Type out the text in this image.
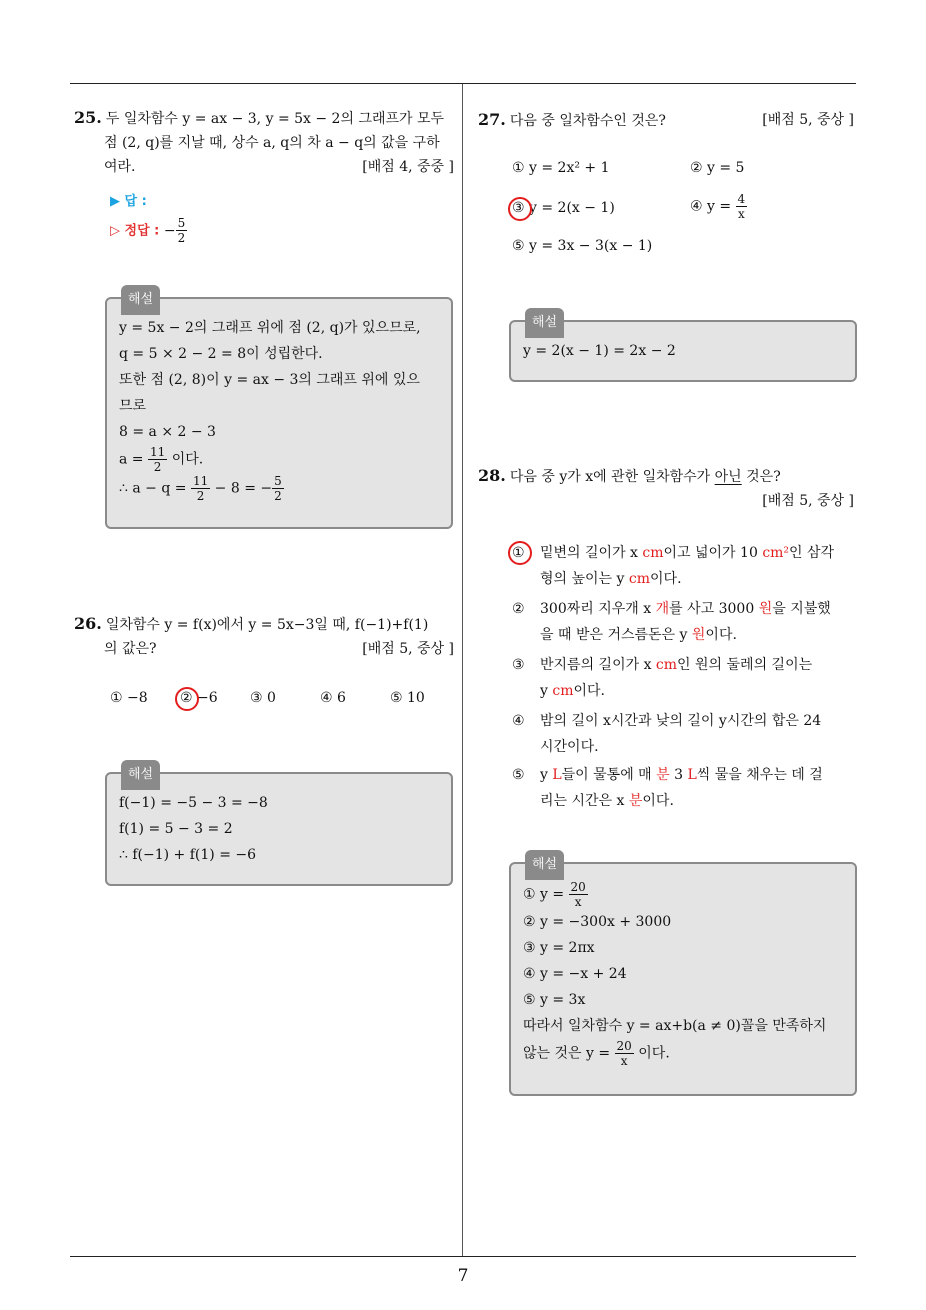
7

25. 두 일차함수 y = ax − 3, y = 5x − 2의 그래프가 모두

점 (2, q)를 지날 때, 상수 a, q의 차 a − q의 값을 구하

여라.	[배점 4, 중중 ]

▶ 답 :
▷ 정답 : − $\frac{5}{2}$
해설

y = 5x − 2의 그래프 위에 점 (2, q)가 있으므로,

q = 5 × 2 − 2 = 8이 성립한다.

또한 점 (2, 8)이 y = ax − 3의 그래프 위에 있으

므로

8 = a × 2 − 3

$a = \frac{11}{2}$ 이다.

∴ $a - q = \frac{11}{2} - 8$ = − $\frac{5}{2}$

26. 일차함수 y = f(x)에서 y = 5x−3일 때, f(−1)+f(1)

의 값은?	[배점 5, 중상 ]

① −8 ② −6 ③ 0	④ 6	⑤ 10
해설

f(−1) = −5 − 3 = −8

f(1) = 5 − 3 = 2

∴ f(−1) + f(1) = −6

27. 다음 중 일차함수인 것은?	[배점 5, 중상 ]

① y = 2x² + 1	② y = 5
③ y = 2(x − 1)	④ $y = \frac{4}{x}$
⑤ y = 3x − 3(x − 1)
해설

y = 2(x − 1) = 2x − 2

28. 다음 중 y가 x에 관한 일차함수가 아닌 것은?

[배점 5, 중상 ]

①	밑변의 길이가 x cm이고 넓이가 10 cm²인 삼각
형의 높이는 y cm이다.
②	300짜리 지우개 x 개를 사고 3000 원을 지불했
을 때 받은 거스름돈은 y 원이다.
③	반지름의 길이가 x cm인 원의 둘레의 길이는
y cm이다.
④	밤의 길이 x시간과 낮의 길이 y시간의 합은 24
시간이다.
⑤	y L들이 물통에 매 분 3 L씩 물을 채우는 데 걸
리는 시간은 x 분이다.
해설

① $y = \frac{20}{x}$

② y = −300x + 3000

③ y = 2πx

④ y = −x + 24

⑤ y = 3x

따라서 일차함수 y = ax+b(a ≠ 0)꼴을 만족하지

않는 것은 $y = \frac{20}{x}$ 이다.
